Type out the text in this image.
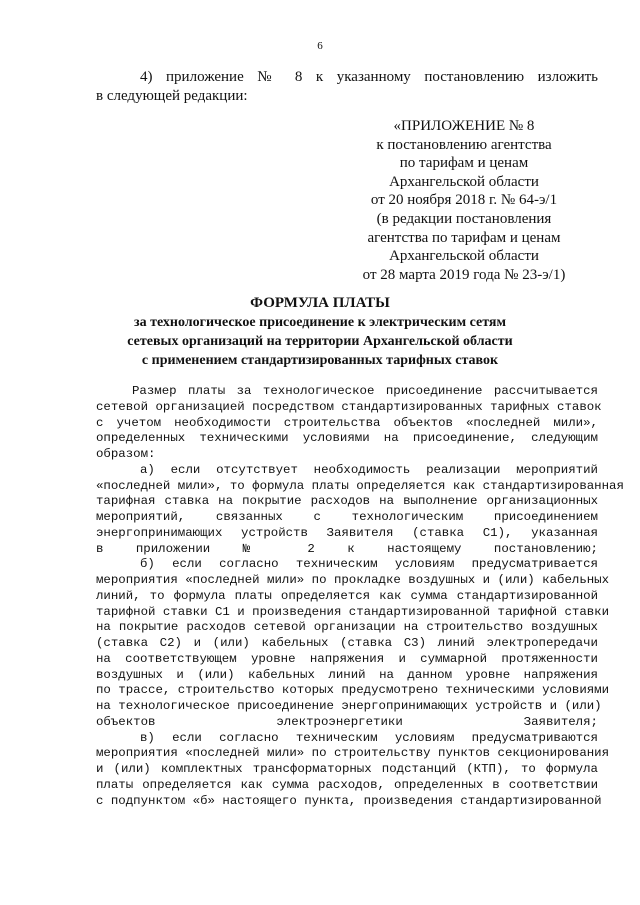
6
4) приложение № 8 к указанному постановлению изложить
в следующей редакции:
«ПРИЛОЖЕНИЕ № 8
к постановлению агентства
по тарифам и ценам
Архангельской области
от 20 ноября 2018 г. № 64-э/1
(в редакции постановления
агентства по тарифам и ценам
Архангельской области
от 28 марта 2019 года № 23-э/1)
ФОРМУЛА ПЛАТЫ
за технологическое присоединение к электрическим сетям
сетевых организаций на территории Архангельской области
с применением стандартизированных тарифных ставок

Размер платы за технологическое присоединение рассчитывается
сетевой организацией посредством стандартизированных тарифных ставок
с учетом необходимости строительства объектов «последней мили»,
определенных техническими условиями на присоединение, следующим
образом:

а) если отсутствует необходимость реализации мероприятий
«последней мили», то формула платы определяется как стандартизированная
тарифная ставка на покрытие расходов на выполнение организационных
мероприятий, связанных с технологическим присоединением
энергопринимающих устройств Заявителя (ставка С1), указанная
в приложении № 2 к настоящему постановлению;

б) если согласно техническим условиям предусматривается
мероприятия «последней мили» по прокладке воздушных и (или) кабельных
линий, то формула платы определяется как сумма стандартизированной
тарифной ставки С1 и произведения стандартизированной тарифной ставки
на покрытие расходов сетевой организации на строительство воздушных
(ставка С2) и (или) кабельных (ставка С3) линий электропередачи
на соответствующем уровне напряжения и суммарной протяженности
воздушных и (или) кабельных линий на данном уровне напряжения
по трассе, строительство которых предусмотрено техническими условиями
на технологическое присоединение энергопринимающих устройств и (или)
объектов электроэнергетики Заявителя;

в) если согласно техническим условиям предусматриваются
мероприятия «последней мили» по строительству пунктов секционирования
и (или) комплектных трансформаторных подстанций (КТП), то формула
платы определяется как сумма расходов, определенных в соответствии
с подпунктом «б» настоящего пункта, произведения стандартизированной
